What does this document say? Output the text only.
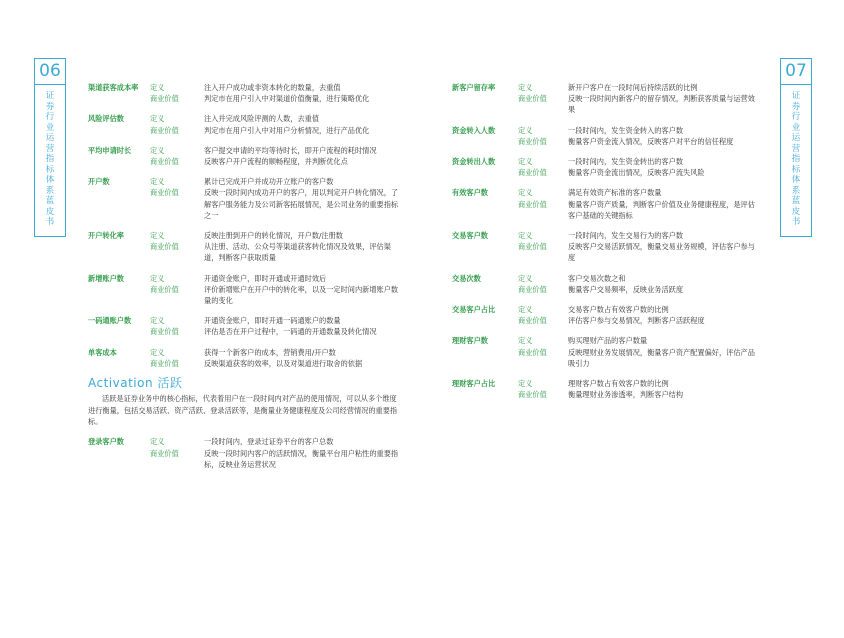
06
证券行业运营指标体系蓝皮书
07
证券行业运营指标体系蓝皮书
渠道获客成本率 定义	注入开户成功或非资本转化的数量，去重值
商业价值	判定市在用户引入中对渠道价值衡量，进行策略优化
风险评估数	定义	注入并完成风险评测的人数，去重值
商业价值	判定市在用户引入中对用户分析情况，进行产品优化
平均申请时长	定义	客户提交申请的平均等待时长，即开户流程的耗时情况
商业价值	反映客户开户流程的顺畅程度，并判断优化点
开户数	定义	累计已完成开户并成功开立账户的客户数
商业价值	反映一段时间内成功开户的客户，用以判定开户转化情况，了解客户服务能力及公司新客拓展情况，是公司业务的重要指标之一
开户转化率	定义	反映注册到开户的转化情况，开户数/注册数
商业价值	从注册、活动、公众号等渠道获客转化情况及效果，评估渠道，判断客户获取质量
新增账户数	定义	开通资金账户，即时开通或开通时效后
商业价值	评价新增账户在开户中的转化率，以及一定时间内新增账户数量的变化
一码通账户数	定义	开通资金账户，即时开通一码通账户的数量
商业价值	评估是否在开户过程中，一码通的开通数量及转化情况
单客成本	定义	获得一个新客户的成本，营销费用/开户数
商业价值	反映渠道获客的效率，以及对渠道进行取舍的依据
Activation 活跃

活跃是证券业务中的核心指标，代表着用户在一段时间内对产品的使用情况，可以从多个维度进行衡量，包括交易活跃、资产活跃、登录活跃等，是衡量业务健康程度及公司经营情况的重要指标。

登录客户数	定义	一段时间内，登录过证券平台的客户总数
商业价值	反映一段时间内客户的活跃情况，衡量平台用户粘性的重要指标，反映业务运营状况
新客户留存率	定义	新开户客户在一段时间后持续活跃的比例
商业价值	反映一段时间内新客户的留存情况，判断获客质量与运营效果
资金转入人数	定义	一段时间内，发生资金转入的客户数
商业价值	衡量客户资金流入情况，反映客户对平台的信任程度
资金转出人数	定义	一段时间内，发生资金转出的客户数
商业价值	衡量客户资金流出情况，反映客户流失风险
有效客户数	定义	满足有效资产标准的客户数量
商业价值	衡量客户资产质量，判断客户价值及业务健康程度，是评估客户基础的关键指标
交易客户数	定义	一段时间内，发生交易行为的客户数
商业价值	反映客户交易活跃情况，衡量交易业务规模，评估客户参与度
交易次数	定义	客户交易次数之和
商业价值	衡量客户交易频率，反映业务活跃度
交易客户占比	定义	交易客户数占有效客户数的比例
商业价值	评估客户参与交易情况，判断客户活跃程度
理财客户数	定义	购买理财产品的客户数量
商业价值	反映理财业务发展情况，衡量客户资产配置偏好，评估产品吸引力
理财客户占比	定义	理财客户数占有效客户数的比例
商业价值	衡量理财业务渗透率，判断客户结构
